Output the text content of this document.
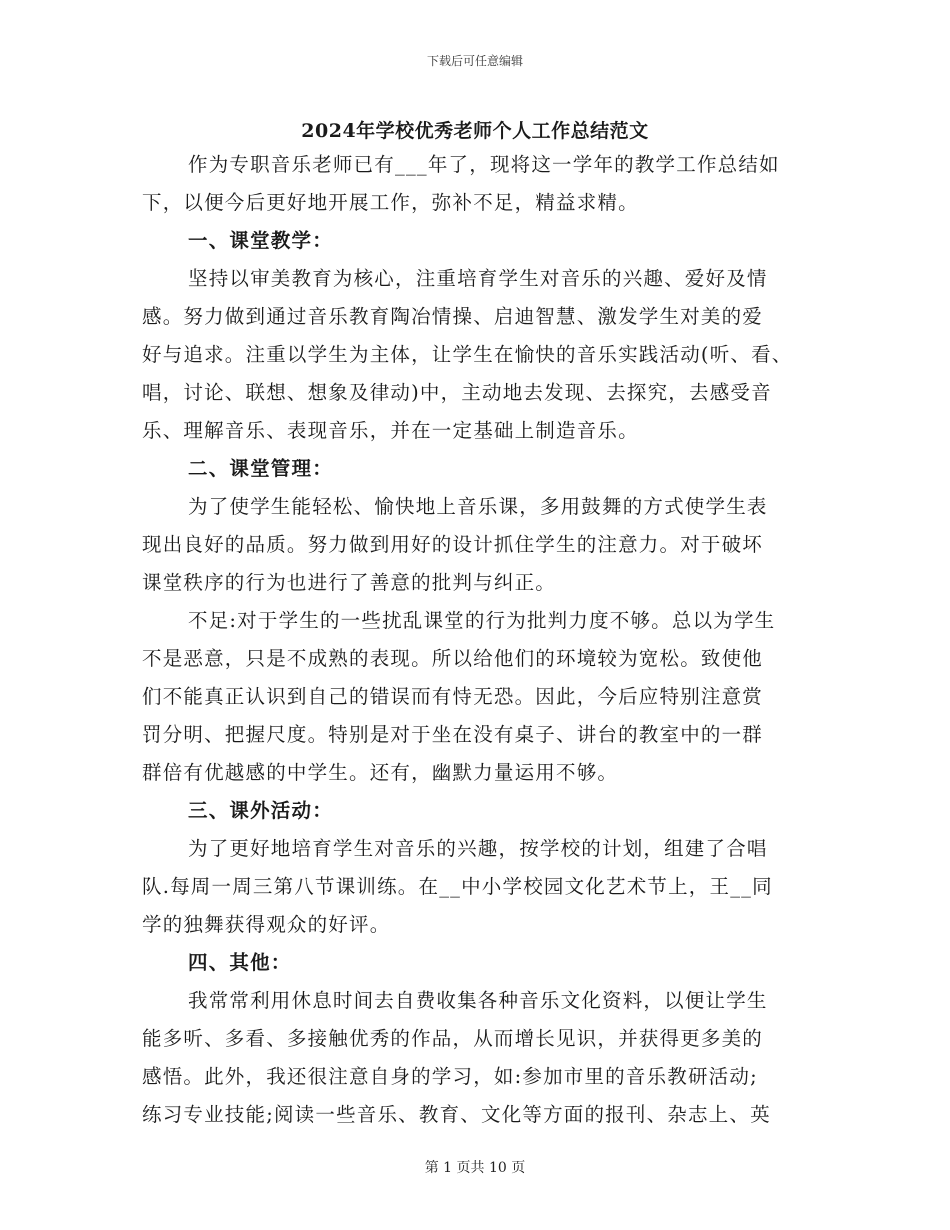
下载后可任意编辑
2024年学校优秀老师个人工作总结范文
作为专职音乐老师已有___年了，现将这一学年的教学工作总结如
下，以便今后更好地开展工作，弥补不足，精益求精。
一、课堂教学：
坚持以审美教育为核心，注重培育学生对音乐的兴趣、爱好及情
感。努力做到通过音乐教育陶冶情操、启迪智慧、激发学生对美的爱
好与追求。注重以学生为主体，让学生在愉快的音乐实践活动(听、看、
唱，讨论、联想、想象及律动)中，主动地去发现、去探究，去感受音
乐、理解音乐、表现音乐，并在一定基础上制造音乐。
二、课堂管理：
为了使学生能轻松、愉快地上音乐课，多用鼓舞的方式使学生表
现出良好的品质。努力做到用好的设计抓住学生的注意力。对于破坏
课堂秩序的行为也进行了善意的批判与纠正。
不足:对于学生的一些扰乱课堂的行为批判力度不够。总以为学生
不是恶意，只是不成熟的表现。所以给他们的环境较为宽松。致使他
们不能真正认识到自己的错误而有恃无恐。因此，今后应特别注意赏
罚分明、把握尺度。特别是对于坐在没有桌子、讲台的教室中的一群
群倍有优越感的中学生。还有，幽默力量运用不够。
三、课外活动：
为了更好地培育学生对音乐的兴趣，按学校的计划，组建了合唱
队.每周一周三第八节课训练。在__中小学校园文化艺术节上，王__同
学的独舞获得观众的好评。
四、其他：
我常常利用休息时间去自费收集各种音乐文化资料，以便让学生
能多听、多看、多接触优秀的作品，从而增长见识，并获得更多美的
感悟。此外，我还很注意自身的学习，如:参加市里的音乐教研活动;
练习专业技能;阅读一些音乐、教育、文化等方面的报刊、杂志上、英
第 1 页共 10 页
